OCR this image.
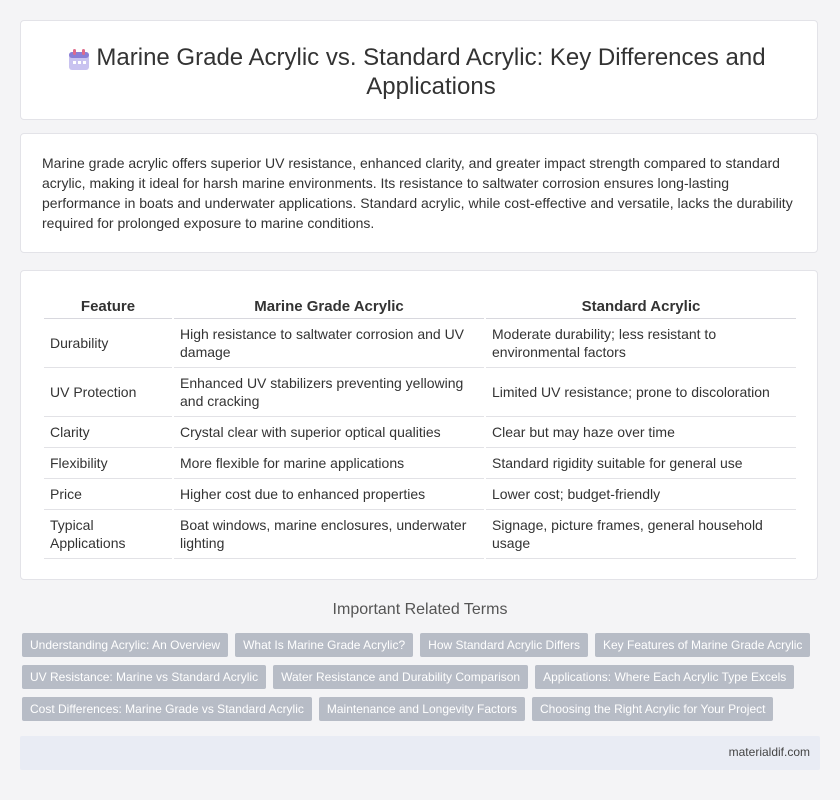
Marine Grade Acrylic vs. Standard Acrylic: Key Differences and Applications

Marine grade acrylic offers superior UV resistance, enhanced clarity, and greater impact strength compared to standard acrylic, making it ideal for harsh marine environments. Its resistance to saltwater corrosion ensures long-lasting performance in boats and underwater applications. Standard acrylic, while cost-effective and versatile, lacks the durability required for prolonged exposure to marine conditions.

Feature	Marine Grade Acrylic	Standard Acrylic
Durability	High resistance to saltwater corrosion and UV damage	Moderate durability; less resistant to environmental factors
UV Protection	Enhanced UV stabilizers preventing yellowing and cracking	Limited UV resistance; prone to discoloration
Clarity	Crystal clear with superior optical qualities	Clear but may haze over time
Flexibility	More flexible for marine applications	Standard rigidity suitable for general use
Price	Higher cost due to enhanced properties	Lower cost; budget-friendly
Typical Applications	Boat windows, marine enclosures, underwater lighting	Signage, picture frames, general household usage
Important Related Terms
Understanding Acrylic: An Overview	What Is Marine Grade Acrylic?	How Standard Acrylic Differs	Key Features of Marine Grade Acrylic
UV Resistance: Marine vs Standard Acrylic	Water Resistance and Durability Comparison	Applications: Where Each Acrylic Type Excels
Cost Differences: Marine Grade vs Standard Acrylic	Maintenance and Longevity Factors	Choosing the Right Acrylic for Your Project
materialdif.com
